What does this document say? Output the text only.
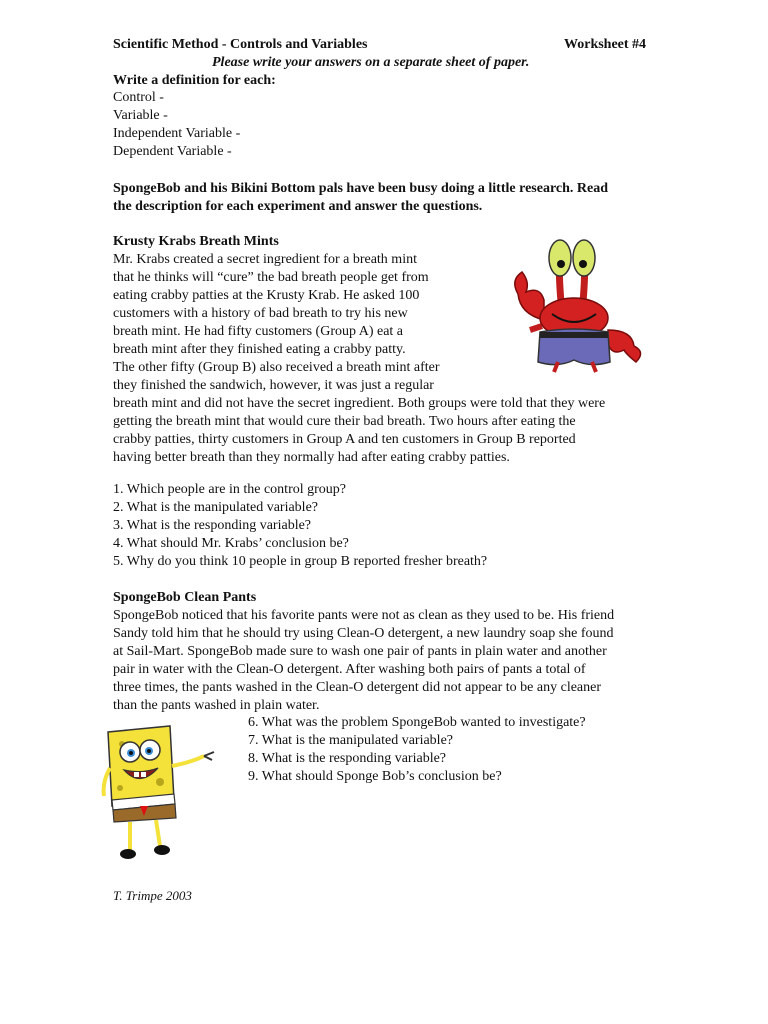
Scientific Method - Controls and Variables	Worksheet #4
Please write your answers on a separate sheet of paper.
Write a definition for each:
Control -
Variable -
Independent Variable -
Dependent Variable -
SpongeBob and his Bikini Bottom pals have been busy doing a little research. Read
the description for each experiment and answer the questions.
Krusty Krabs Breath Mints
Mr. Krabs created a secret ingredient for a breath mint
that he thinks will “cure” the bad breath people get from
eating crabby patties at the Krusty Krab. He asked 100
customers with a history of bad breath to try his new
breath mint. He had fifty customers (Group A) eat a
breath mint after they finished eating a crabby patty.
The other fifty (Group B) also received a breath mint after
they finished the sandwich, however, it was just a regular
breath mint and did not have the secret ingredient. Both groups were told that they were
getting the breath mint that would cure their bad breath. Two hours after eating the
crabby patties, thirty customers in Group A and ten customers in Group B reported
having better breath than they normally had after eating crabby patties.
1. Which people are in the control group?
2. What is the manipulated variable?
3. What is the responding variable?
4. What should Mr. Krabs’ conclusion be?
5. Why do you think 10 people in group B reported fresher breath?
SpongeBob Clean Pants
SpongeBob noticed that his favorite pants were not as clean as they used to be. His friend
Sandy told him that he should try using Clean-O detergent, a new laundry soap she found
at Sail-Mart. SpongeBob made sure to wash one pair of pants in plain water and another
pair in water with the Clean-O detergent. After washing both pairs of pants a total of
three times, the pants washed in the Clean-O detergent did not appear to be any cleaner
than the pants washed in plain water.
6. What was the problem SpongeBob wanted to investigate?
7. What is the manipulated variable?
8. What is the responding variable?
9. What should Sponge Bob’s conclusion be?
T. Trimpe 2003
